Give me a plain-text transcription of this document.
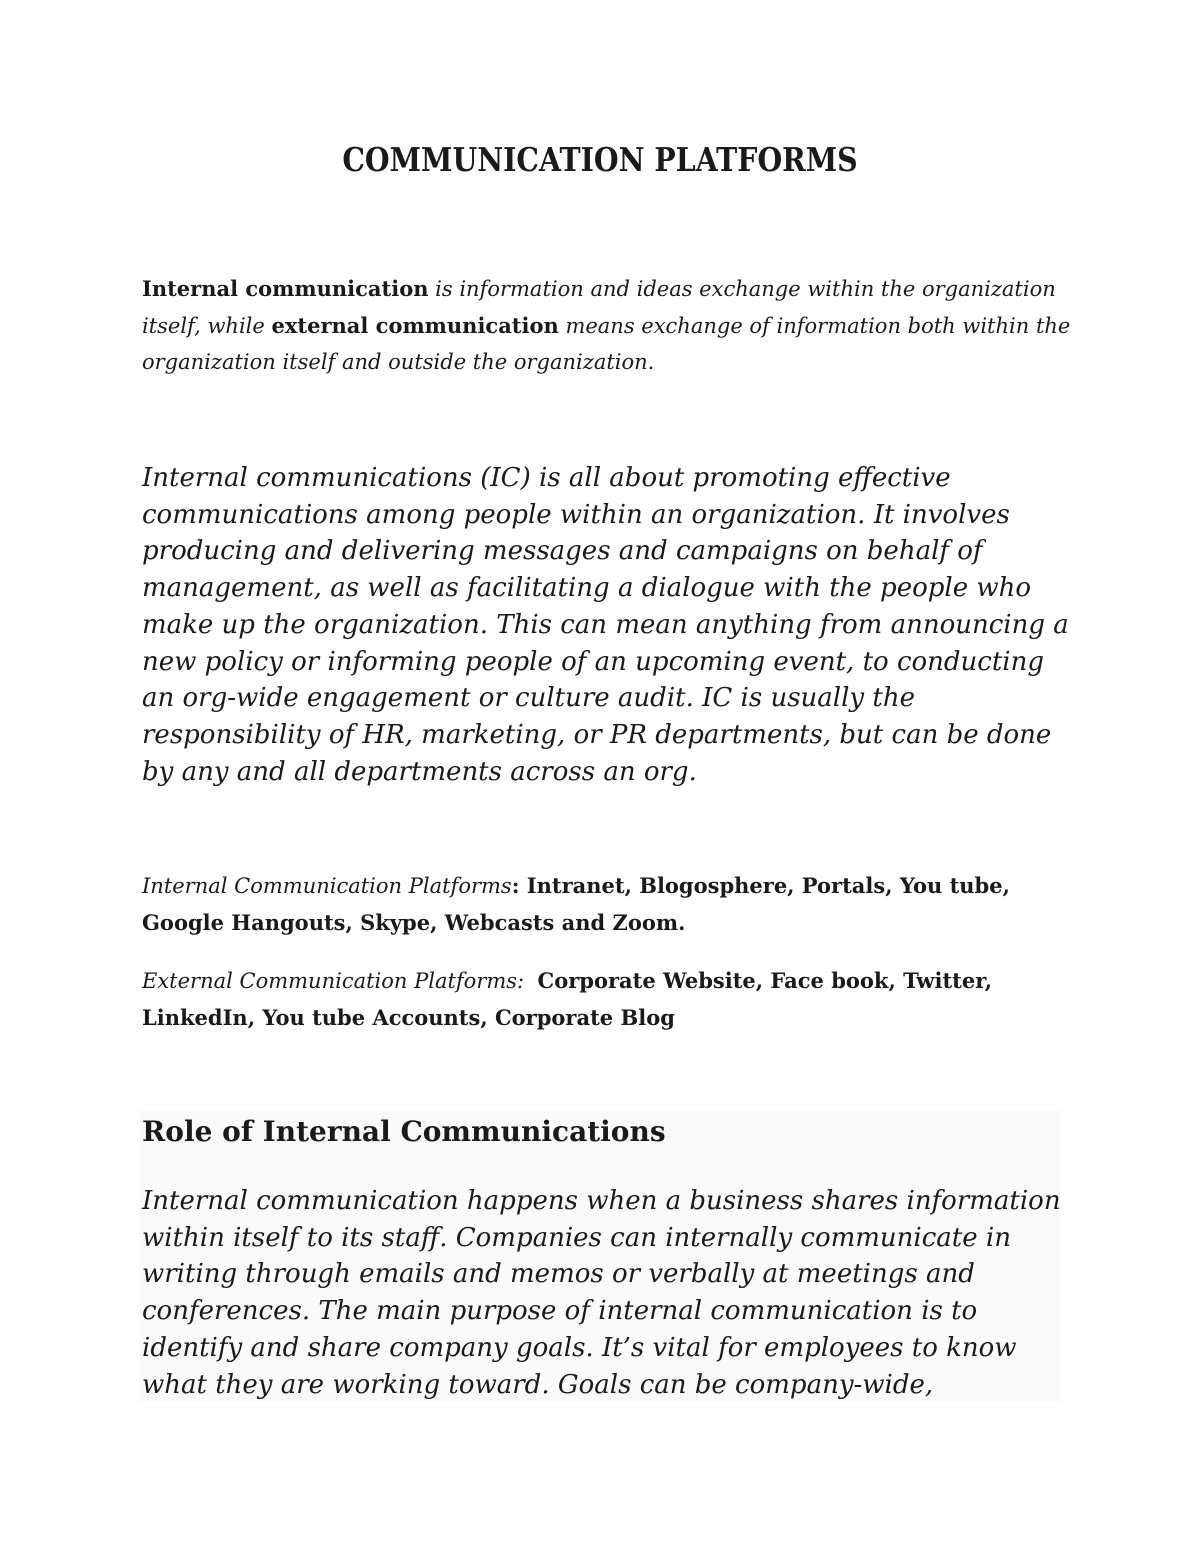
COMMUNICATION PLATFORMS

Internal communication is information and ideas exchange within the organization itself, while external communication means exchange of information both within the organization itself and outside the organization.

Internal communications (IC) is all about promoting effective communications among people within an organization. It involves producing and delivering messages and campaigns on behalf of management, as well as facilitating a dialogue with the people who make up the organization. This can mean anything from announcing a new policy or informing people of an upcoming event, to conducting an org-wide engagement or culture audit. IC is usually the responsibility of HR, marketing, or PR departments, but can be done by any and all departments across an org.

Internal Communication Platforms: Intranet, Blogosphere, Portals, You tube, Google Hangouts, Skype, Webcasts and Zoom.

External Communication Platforms: Corporate Website, Face book, Twitter, LinkedIn, You tube Accounts, Corporate Blog

Role of Internal Communications

Internal communication happens when a business shares information within itself to its staff. Companies can internally communicate in writing through emails and memos or verbally at meetings and conferences. The main purpose of internal communication is to identify and share company goals. It’s vital for employees to know what they are working toward. Goals can be company-wide,
